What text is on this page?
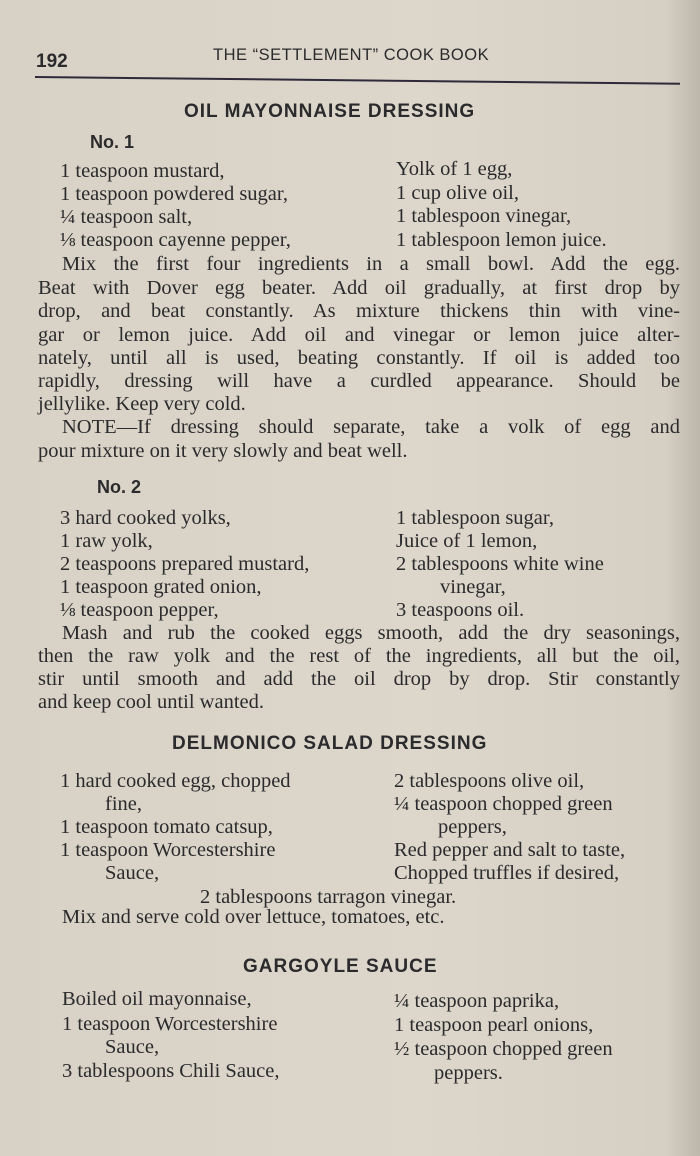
192	THE “SETTLEMENT” COOK BOOK
OIL MAYONNAISE DRESSING
No. 1
1 teaspoon mustard,
1 teaspoon powdered sugar,
¼ teaspoon salt,
⅛ teaspoon cayenne pepper,
Yolk of 1 egg,
1 cup olive oil,
1 tablespoon vinegar,
1 tablespoon lemon juice.
Mix the first four ingredients in a small bowl. Add the egg.
Beat with Dover egg beater. Add oil gradually, at first drop by
drop, and beat constantly. As mixture thickens thin with vine-
gar or lemon juice. Add oil and vinegar or lemon juice alter-
nately, until all is used, beating constantly. If oil is added too
rapidly, dressing will have a curdled appearance. Should be
jellylike. Keep very cold.
NOTE—If dressing should separate, take a volk of egg and
pour mixture on it very slowly and beat well.
No. 2
3 hard cooked yolks,
1 raw yolk,
2 teaspoons prepared mustard,
1 teaspoon grated onion,
⅛ teaspoon pepper,
1 tablespoon sugar,
Juice of 1 lemon,
2 tablespoons white wine
vinegar,
3 teaspoons oil.
Mash and rub the cooked eggs smooth, add the dry seasonings,
then the raw yolk and the rest of the ingredients, all but the oil,
stir until smooth and add the oil drop by drop. Stir constantly
and keep cool until wanted.
DELMONICO SALAD DRESSING
1 hard cooked egg, chopped
fine,
1 teaspoon tomato catsup,
1 teaspoon Worcestershire
Sauce,
2 tablespoons olive oil,
¼ teaspoon chopped green
peppers,
Red pepper and salt to taste,
Chopped truffles if desired,
2 tablespoons tarragon vinegar.
Mix and serve cold over lettuce, tomatoes, etc.
GARGOYLE SAUCE
Boiled oil mayonnaise,
1 teaspoon Worcestershire
Sauce,
3 tablespoons Chili Sauce,
¼ teaspoon paprika,
1 teaspoon pearl onions,
½ teaspoon chopped green
peppers.
